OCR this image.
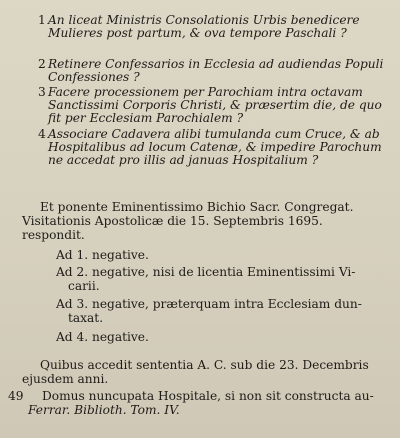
1 An liceat Ministris Consolationis Urbis benedicere Mulieres post partum, & ova tempore Paschali ?
2 Retinere Confessarios in Ecclesia ad audiendas Populi Confessiones ?
3 Facere processionem per Parochiam intra octavam Sanctissimi Corporis Christi, & præsertim die, de quo fit per Ecclesiam Parochialem ?
4 Associare Cadavera alibi tumulanda cum Cruce, & ab Hospitalibus ad locum Catenæ, & impedire Parochum ne accedat pro illis ad januas Hospitalium ?
Et ponente Eminentissimo Bichio Sacr. Congregat. Visitationis Apostolicæ die 15. Septembris 1695. respondit.
Ad 1. negative.
Ad 2. negative, nisi de licentia Eminentissimi Vi-
carii.
Ad 3. negative, præterquam intra Ecclesiam dun-
taxat.
Ad 4. negative.
Quibus accedit sententia A. C. sub die 23. Decembris ejusdem anni.
49	Domus nuncupata Hospitale, si non sit constructa au-
Ferrar. Biblioth. Tom. IV.
